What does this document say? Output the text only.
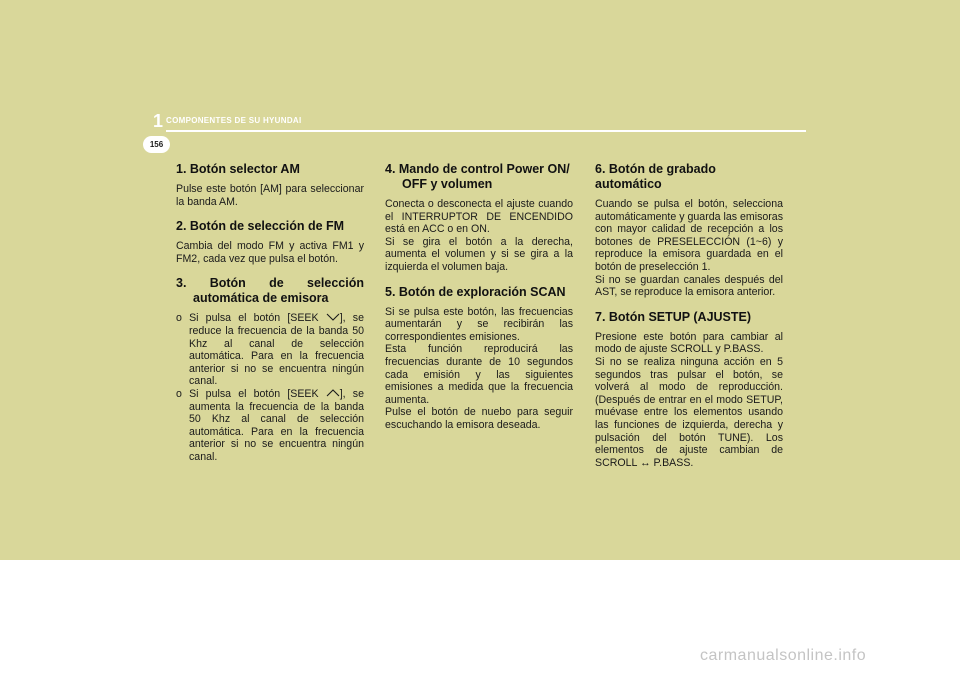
1 COMPONENTES DE SU HYUNDAI
156
1. Botón selector AM

Pulse este botón [AM] para seleccionar la banda AM.

2. Botón de selección de FM

Cambia del modo FM y activa FM1 y FM2, cada vez que pulsa el botón.

3. Botón de selección
automática de emisora
o Si pulsa el botón [SEEK ], se reduce la frecuencia de la banda 50 Khz al canal de selección automática. Para en la frecuencia anterior si no se encuentra ningún canal.
o Si pulsa el botón [SEEK ], se aumenta la frecuencia de la banda 50 Khz al canal de selección automática. Para en la frecuencia anterior si no se encuentra ningún canal.
4. Mando de control Power ON/ OFF y volumen

Conecta o desconecta el ajuste cuando el INTERRUPTOR DE ENCENDIDO está en ACC o en ON.

Si se gira el botón a la derecha, aumenta el volumen y si se gira a la izquierda el volumen baja.

5. Botón de exploración SCAN

Si se pulsa este botón, las frecuencias aumentarán y se recibirán las correspondientes emisiones.

Esta función reproducirá las frecuencias durante de 10 segundos cada emisión y las siguientes emisiones a medida que la frecuencia aumenta.

Pulse el botón de nuebo para seguir escuchando la emisora deseada.

6. Botón de grabado automático

Cuando se pulsa el botón, selecciona automáticamente y guarda las emisoras con mayor calidad de recepción a los botones de PRESELECCIÓN (1~6) y reproduce la emisora guardada en el botón de preselección 1.

Si no se guardan canales después del AST, se reproduce la emisora anterior.

7. Botón SETUP (AJUSTE)

Presione este botón para cambiar al modo de ajuste SCROLL y P.BASS.

Si no se realiza ninguna acción en 5 segundos tras pulsar el botón, se volverá al modo de reproducción. (Después de entrar en el modo SETUP, muévase entre los elementos usando las funciones de izquierda, derecha y pulsación del botón TUNE). Los elementos de ajuste cambian de SCROLL ↔ P.BASS.

carmanualsonline.info
